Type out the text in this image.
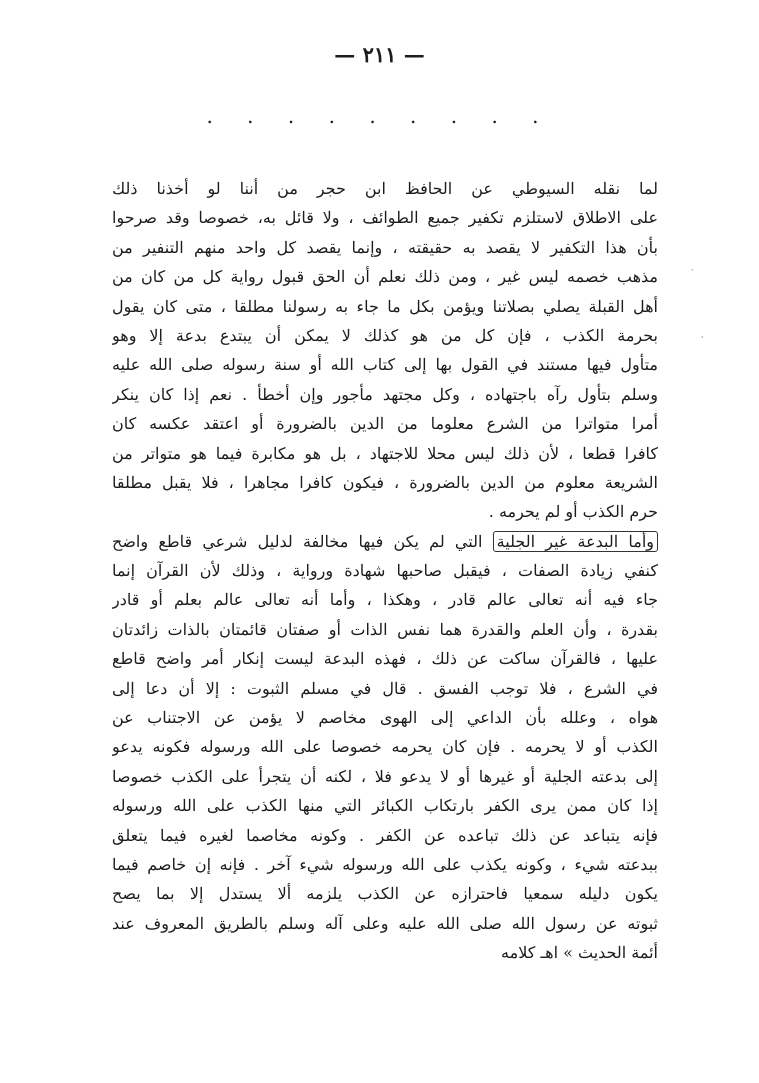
— ٢١١ —
. . . . . . . . .
ˎ
·
لما نقله السيوطي عن الحافظ ابن حجر من أننا لو أخذنا ذلك
على الاطلاق لاستلزم تكفير جميع الطوائف ، ولا قائل به، خصوصا وقد صرحوا
بأن هذا التكفير لا يقصد به حقيقته ، وإنما يقصد كل واحد منهم التنفير من
مذهب خصمه ليس غير ، ومن ذلك نعلم أن الحق قبول رواية كل من كان من
أهل القبلة يصلي بصلاتنا ويؤمن بكل ما جاء به رسولنا مطلقا ، متى كان يقول
بحرمة الكذب ، فإن كل من هو كذلك لا يمكن أن يبتدع بدعة إلا وهو
متأول فيها مستند في القول بها إلى كتاب الله أو سنة رسوله صلى الله عليه
وسلم بتأول رآه باجتهاده ، وكل مجتهد مأجور وإن أخطأ . نعم إذا كان ينكر
أمرا متواترا من الشرع معلوما من الدين بالضرورة أو اعتقد عكسه كان
كافرا قطعا ، لأن ذلك ليس محلا للاجتهاد ، بل هو مكابرة فيما هو متواتر من
الشريعة معلوم من الدين بالضرورة ، فيكون كافرا مجاهرا ، فلا يقبل مطلقا
حرم الكذب أو لم يحرمه .
وأما البدعة غير الجلية التي لم يكن فيها مخالفة لدليل شرعي قاطع واضح
كنفي زيادة الصفات ، فيقبل صاحبها شهادة ورواية ، وذلك لأن القرآن إنما
جاء فيه أنه تعالى عالم قادر ، وهكذا ، وأما أنه تعالى عالم بعلم أو قادر
بقدرة ، وأن العلم والقدرة هما نفس الذات أو صفتان قائمتان بالذات زائدتان
عليها ، فالقرآن ساكت عن ذلك ، فهذه البدعة ليست إنكار أمر واضح قاطع
في الشرع ، فلا توجب الفسق . قال في مسلم الثبوت : إلا أن دعا إلى
هواه ، وعلله بأن الداعي إلى الهوى مخاصم لا يؤمن عن الاجتناب عن
الكذب أو لا يحرمه . فإن كان يحرمه خصوصا على الله ورسوله فكونه يدعو
إلى بدعته الجلية أو غيرها أو لا يدعو فلا ، لكنه أن يتجرأ على الكذب خصوصا
إذا كان ممن يرى الكفر بارتكاب الكبائر التي منها الكذب على الله ورسوله
فإنه يتباعد عن ذلك تباعده عن الكفر . وكونه مخاصما لغيره فيما يتعلق
ببدعته شيء ، وكونه يكذب على الله ورسوله شيء آخر . فإنه إن خاصم فيما
يكون دليله سمعيا فاحترازه عن الكذب يلزمه ألا يستدل إلا بما يصح
ثبوته عن رسول الله صلى الله عليه وعلى آله وسلم بالطريق المعروف عند
أئمة الحديث » اهـ كلامه
